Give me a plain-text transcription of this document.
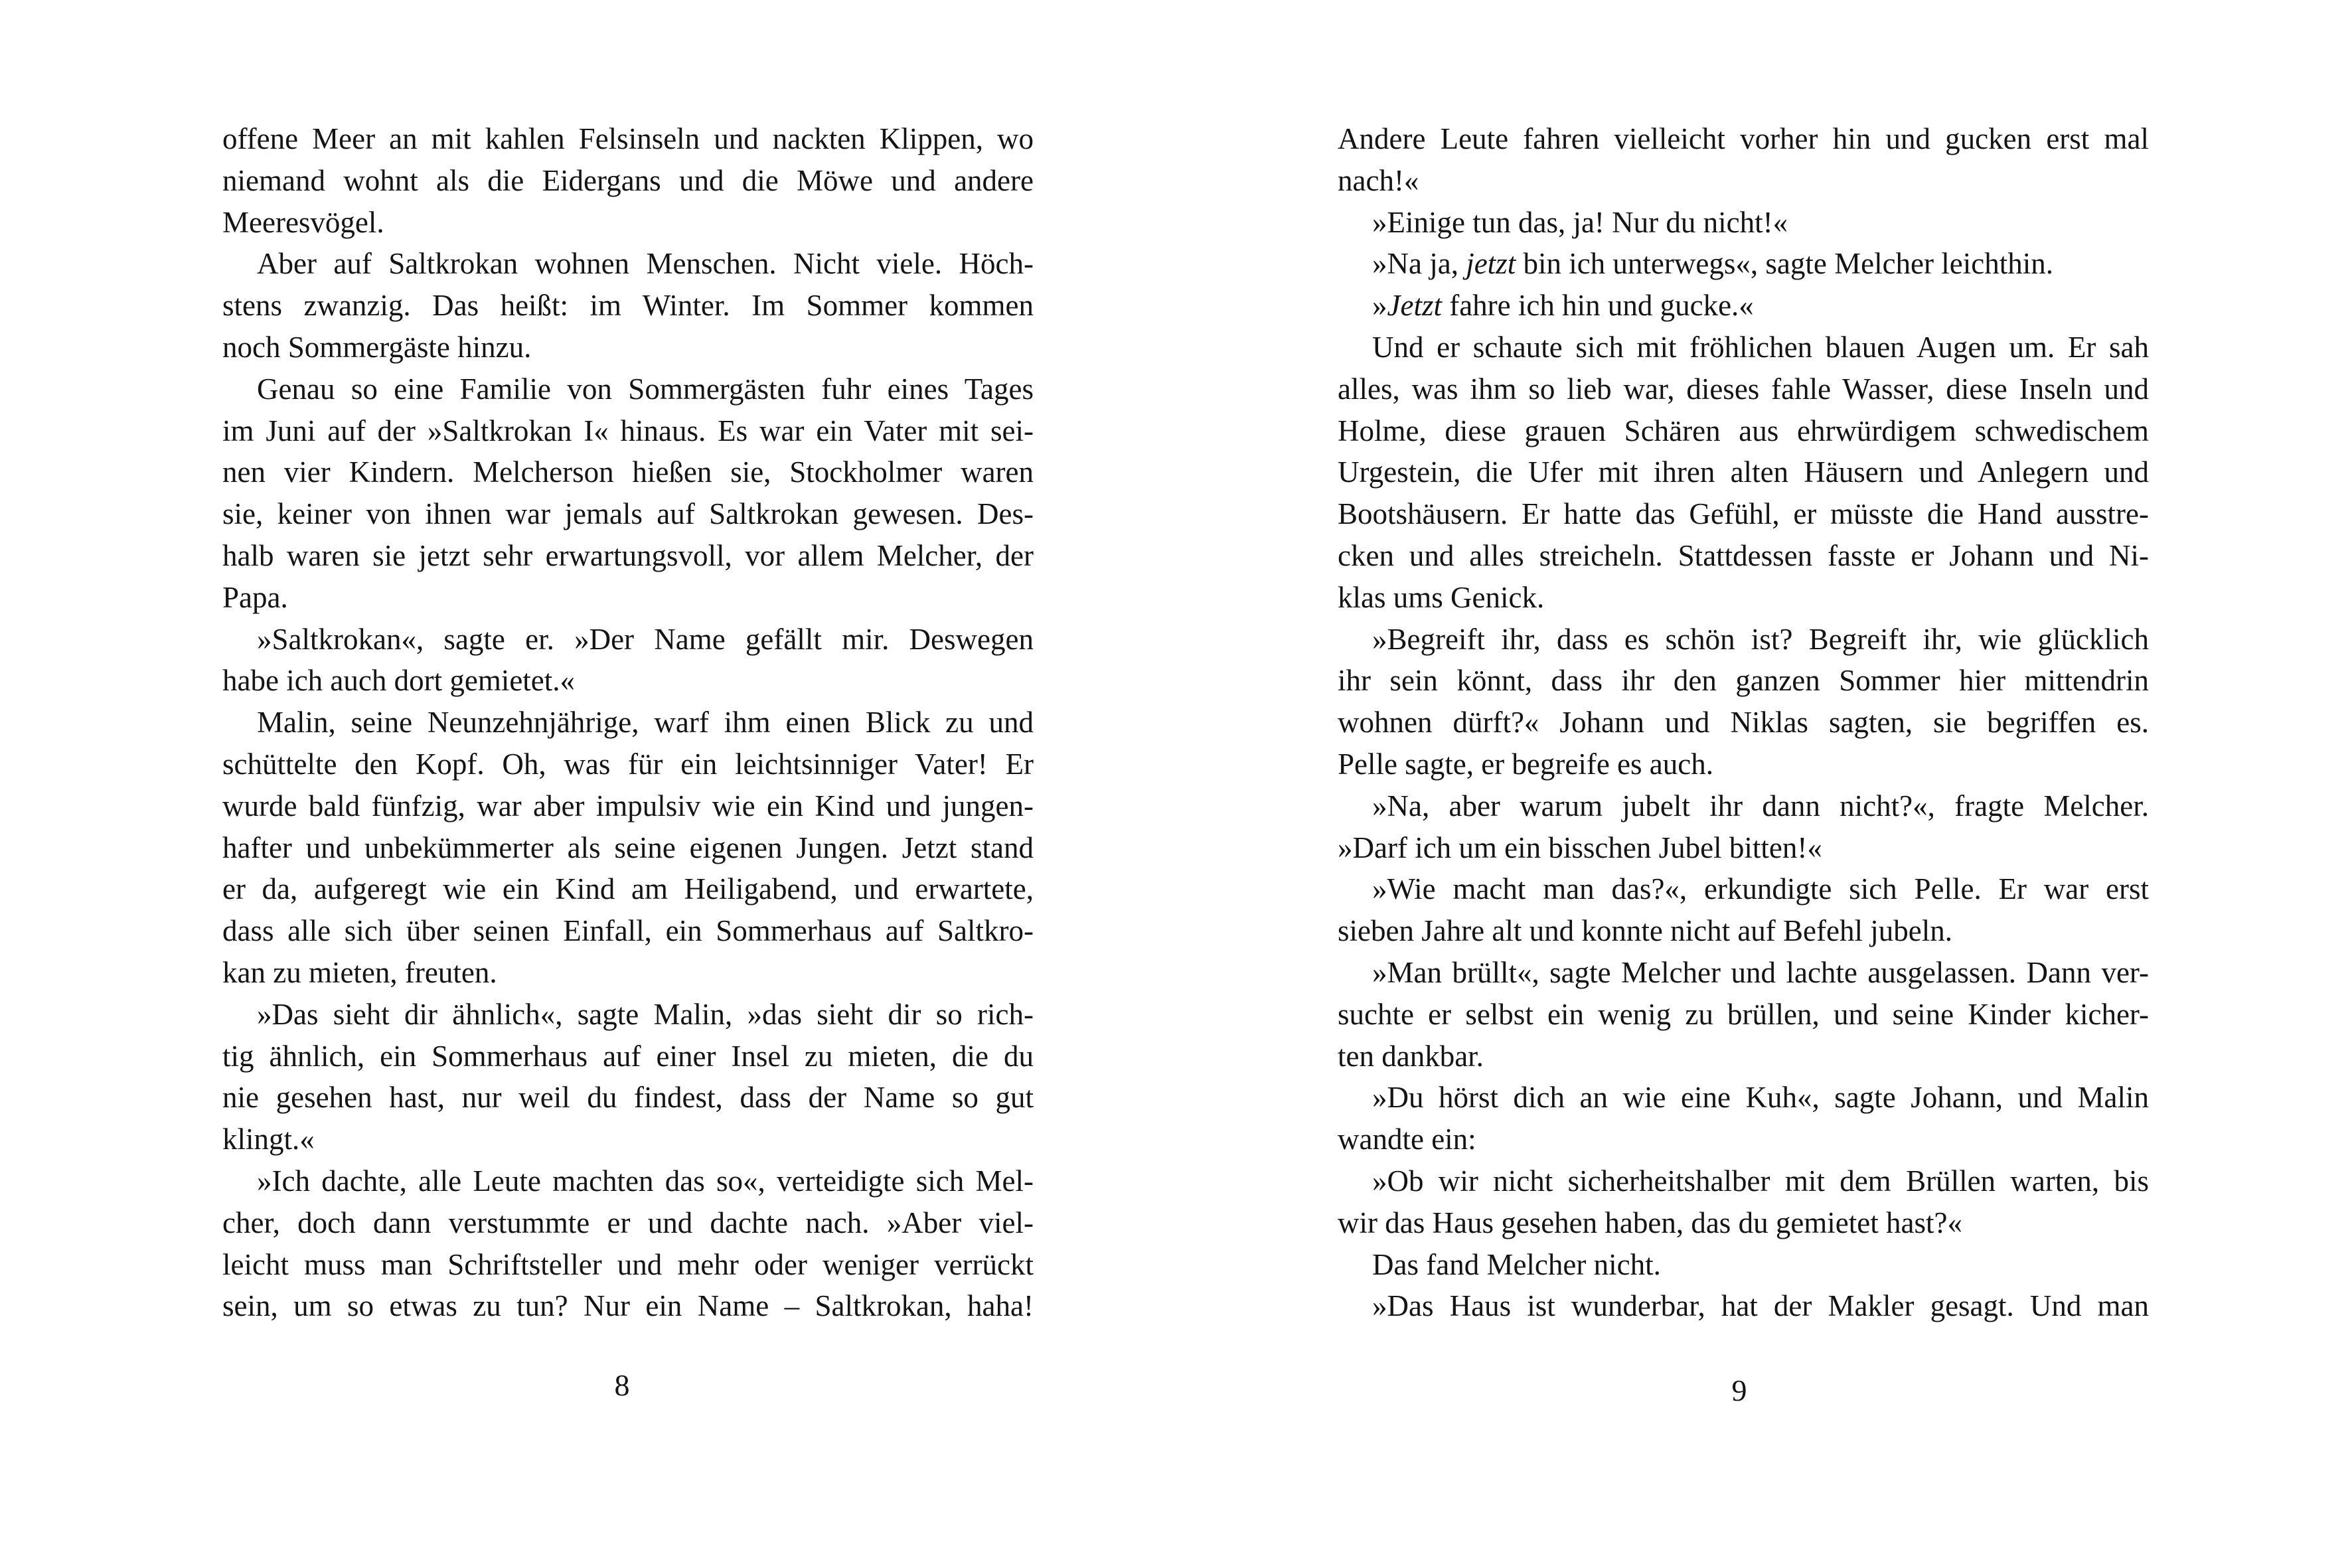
offene Meer an mit kahlen Felsinseln und nackten Klippen, wo
niemand wohnt als die Eidergans und die Möwe und andere
Meeresvögel.
Aber auf Saltkrokan wohnen Menschen. Nicht viele. Höch-
stens zwanzig. Das heißt: im Winter. Im Sommer kommen
noch Sommergäste hinzu.
Genau so eine Familie von Sommergästen fuhr eines Tages
im Juni auf der »Saltkrokan I« hinaus. Es war ein Vater mit sei-
nen vier Kindern. Melcherson hießen sie, Stockholmer waren
sie, keiner von ihnen war jemals auf Saltkrokan gewesen. Des-
halb waren sie jetzt sehr erwartungsvoll, vor allem Melcher, der
Papa.
»Saltkrokan«, sagte er. »Der Name gefällt mir. Deswegen
habe ich auch dort gemietet.«
Malin, seine Neunzehnjährige, warf ihm einen Blick zu und
schüttelte den Kopf. Oh, was für ein leichtsinniger Vater! Er
wurde bald fünfzig, war aber impulsiv wie ein Kind und jungen-
hafter und unbekümmerter als seine eigenen Jungen. Jetzt stand
er da, aufgeregt wie ein Kind am Heiligabend, und erwartete,
dass alle sich über seinen Einfall, ein Sommerhaus auf Saltkro-
kan zu mieten, freuten.
»Das sieht dir ähnlich«, sagte Malin, »das sieht dir so rich-
tig ähnlich, ein Sommerhaus auf einer Insel zu mieten, die du
nie gesehen hast, nur weil du findest, dass der Name so gut
klingt.«
»Ich dachte, alle Leute machten das so«, verteidigte sich Mel-
cher, doch dann verstummte er und dachte nach. »Aber viel-
leicht muss man Schriftsteller und mehr oder weniger verrückt
sein, um so etwas zu tun? Nur ein Name – Saltkrokan, haha!
8
Andere Leute fahren vielleicht vorher hin und gucken erst mal
nach!«
»Einige tun das, ja! Nur du nicht!«
»Na ja, jetzt bin ich unterwegs«, sagte Melcher leichthin.
»Jetzt fahre ich hin und gucke.«
Und er schaute sich mit fröhlichen blauen Augen um. Er sah
alles, was ihm so lieb war, dieses fahle Wasser, diese Inseln und
Holme, diese grauen Schären aus ehrwürdigem schwedischem
Urgestein, die Ufer mit ihren alten Häusern und Anlegern und
Bootshäusern. Er hatte das Gefühl, er müsste die Hand ausstre-
cken und alles streicheln. Stattdessen fasste er Johann und Ni-
klas ums Genick.
»Begreift ihr, dass es schön ist? Begreift ihr, wie glücklich
ihr sein könnt, dass ihr den ganzen Sommer hier mittendrin
wohnen dürft?« Johann und Niklas sagten, sie begriffen es.
Pelle sagte, er begreife es auch.
»Na, aber warum jubelt ihr dann nicht?«, fragte Melcher.
»Darf ich um ein bisschen Jubel bitten!«
»Wie macht man das?«, erkundigte sich Pelle. Er war erst
sieben Jahre alt und konnte nicht auf Befehl jubeln.
»Man brüllt«, sagte Melcher und lachte ausgelassen. Dann ver-
suchte er selbst ein wenig zu brüllen, und seine Kinder kicher-
ten dankbar.
»Du hörst dich an wie eine Kuh«, sagte Johann, und Malin
wandte ein:
»Ob wir nicht sicherheitshalber mit dem Brüllen warten, bis
wir das Haus gesehen haben, das du gemietet hast?«
Das fand Melcher nicht.
»Das Haus ist wunderbar, hat der Makler gesagt. Und man
9
